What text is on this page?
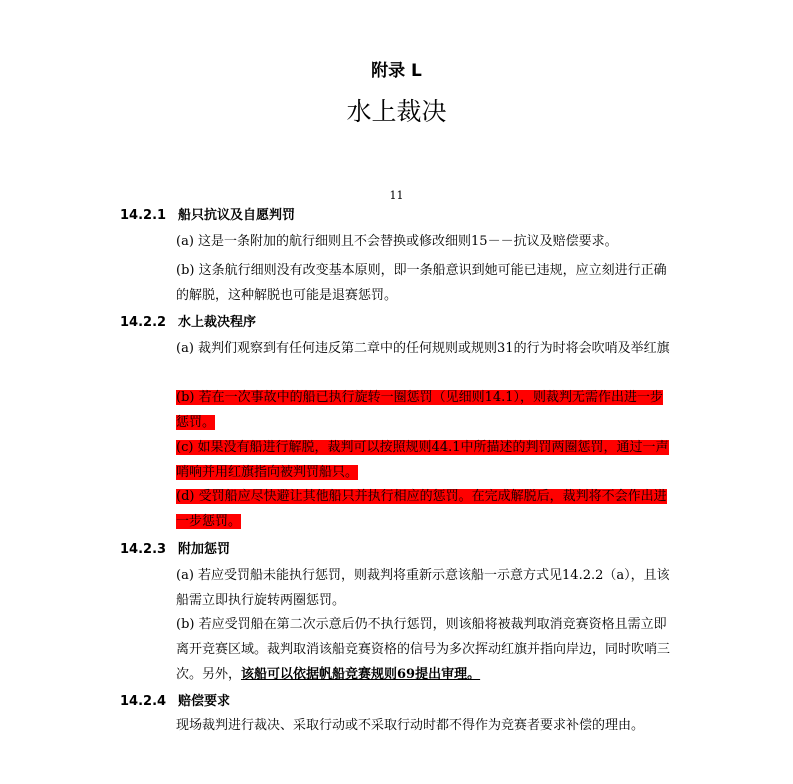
附录 L
水上裁决
11
14.2.1 船只抗议及自愿判罚
(a) 这是一条附加的航行细则且不会替换或修改细则15－－抗议及赔偿要求。
(b) 这条航行细则没有改变基本原则，即一条船意识到她可能已违规，应立刻进行正确的解脱，这种解脱也可能是退赛惩罚。
14.2.2 水上裁决程序
(a) 裁判们观察到有任何违反第二章中的任何规则或规则31的行为时将会吹哨及举红旗
(b) 若在一次事故中的船已执行旋转一圈惩罚（见细则14.1），则裁判无需作出进一步惩罚。
(c) 如果没有船进行解脱，裁判可以按照规则44.1中所描述的判罚两圈惩罚，通过一声哨响并用红旗指向被判罚船只。
(d) 受罚船应尽快避让其他船只并执行相应的惩罚。在完成解脱后，裁判将不会作出进一步惩罚。
14.2.3 附加惩罚
(a) 若应受罚船未能执行惩罚，则裁判将重新示意该船一示意方式见14.2.2（a），且该船需立即执行旋转两圈惩罚。
(b) 若应受罚船在第二次示意后仍不执行惩罚，则该船将被裁判取消竞赛资格且需立即离开竞赛区域。裁判取消该船竞赛资格的信号为多次挥动红旗并指向岸边，同时吹哨三次。另外，该船可以依据帆船竞赛规则69提出审理。
14.2.4 赔偿要求
现场裁判进行裁决、采取行动或不采取行动时都不得作为竞赛者要求补偿的理由。
